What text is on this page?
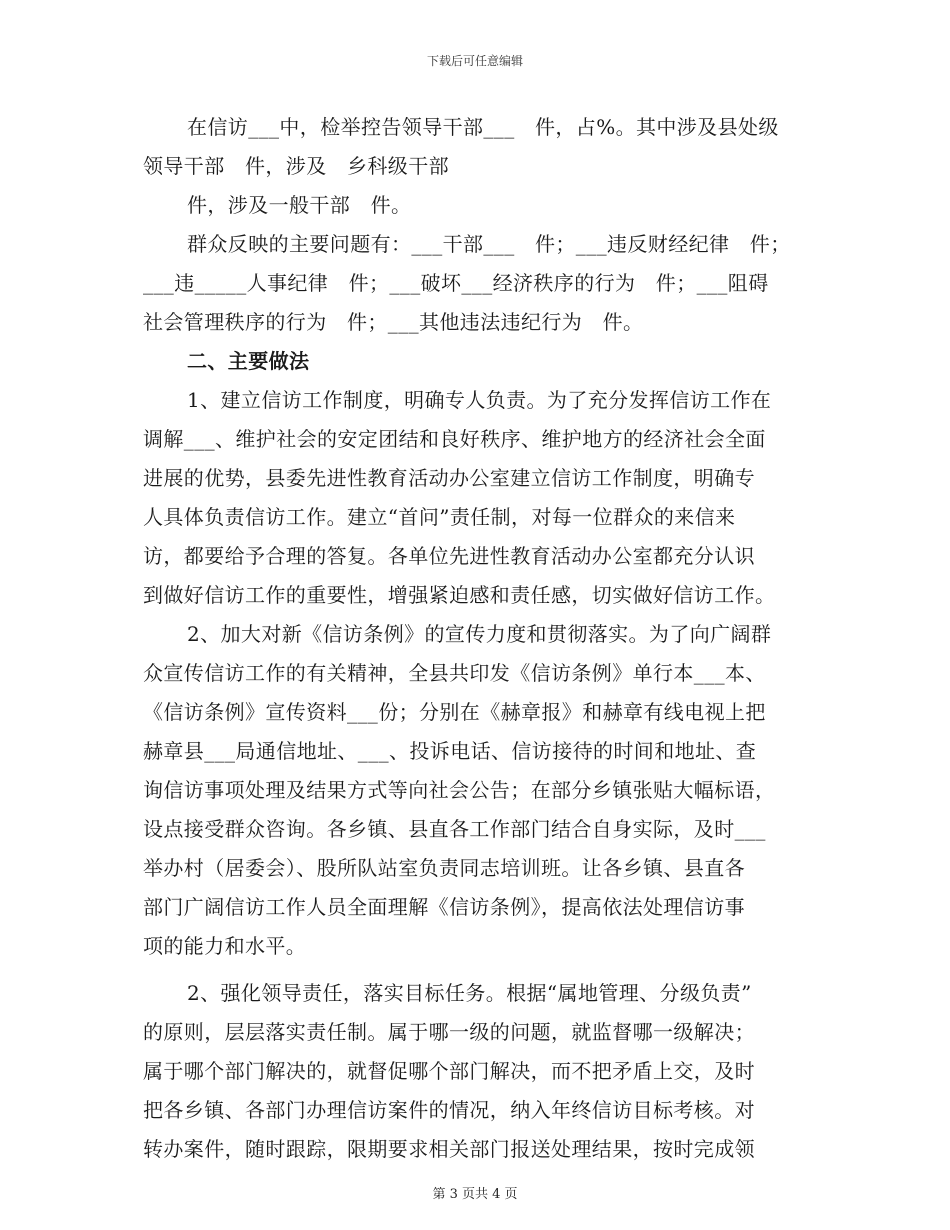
下载后可任意编辑
在信访___中，检举控告领导干部___　件，占%。其中涉及县处级
领导干部　件，涉及　乡科级干部
件，涉及一般干部　件。
群众反映的主要问题有：___干部___　件；___违反财经纪律　件；
___违_____人事纪律　件；___破坏___经济秩序的行为　件；___阻碍
社会管理秩序的行为　件；___其他违法违纪行为　件。
二、主要做法
1、建立信访工作制度，明确专人负责。为了充分发挥信访工作在
调解___、维护社会的安定团结和良好秩序、维护地方的经济社会全面
进展的优势，县委先进性教育活动办公室建立信访工作制度，明确专
人具体负责信访工作。建立“首问”责任制，对每一位群众的来信来
访，都要给予合理的答复。各单位先进性教育活动办公室都充分认识
到做好信访工作的重要性，增强紧迫感和责任感，切实做好信访工作。
2、加大对新《信访条例》的宣传力度和贯彻落实。为了向广阔群
众宣传信访工作的有关精神，全县共印发《信访条例》单行本___本、
《信访条例》宣传资料___份；分别在《赫章报》和赫章有线电视上把
赫章县___局通信地址、___、投诉电话、信访接待的时间和地址、查
询信访事项处理及结果方式等向社会公告；在部分乡镇张贴大幅标语，
设点接受群众咨询。各乡镇、县直各工作部门结合自身实际，及时___
举办村（居委会）、股所队站室负责同志培训班。让各乡镇、县直各
部门广阔信访工作人员全面理解《信访条例》，提高依法处理信访事
项的能力和水平。
2、强化领导责任，落实目标任务。根据“属地管理、分级负责”
的原则，层层落实责任制。属于哪一级的问题，就监督哪一级解决；
属于哪个部门解决的，就督促哪个部门解决，而不把矛盾上交，及时
把各乡镇、各部门办理信访案件的情况，纳入年终信访目标考核。对
转办案件，随时跟踪，限期要求相关部门报送处理结果，按时完成领
第 3 页共 4 页
